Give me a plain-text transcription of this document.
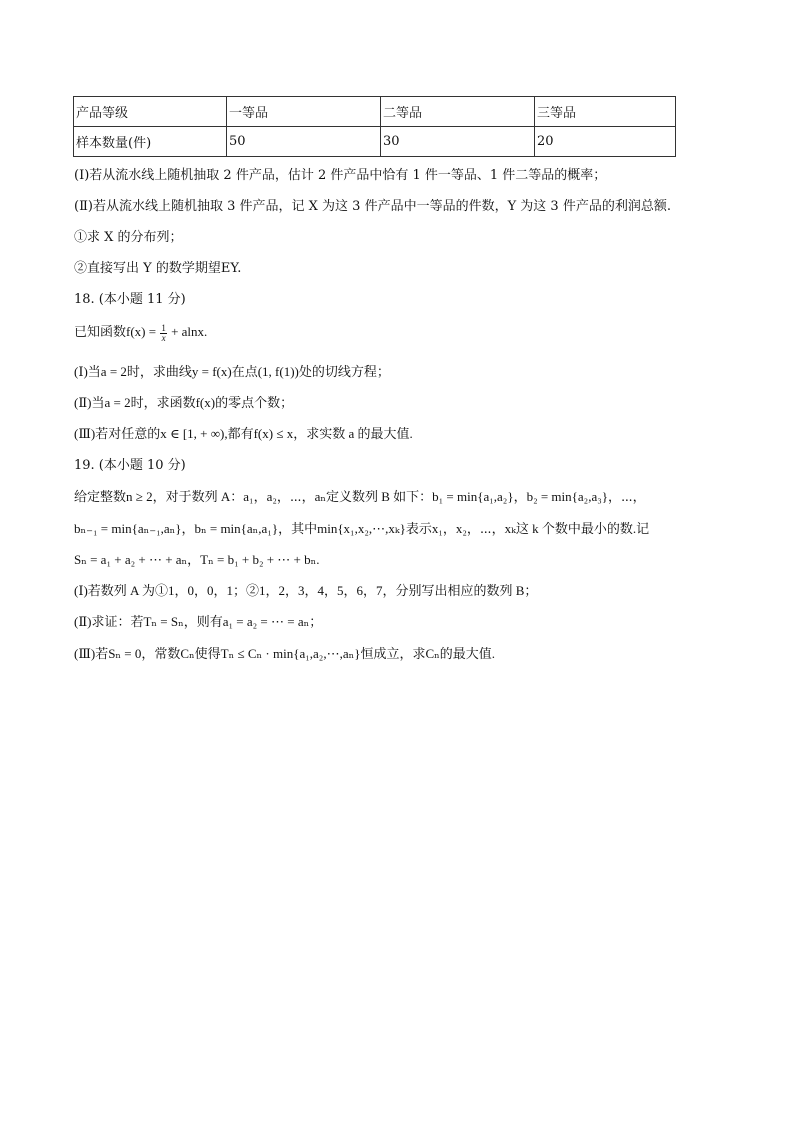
产品等级	一等品	二等品	三等品
样本数量(件)	50	30	20
(Ⅰ)若从流水线上随机抽取 2 件产品，估计 2 件产品中恰有 1 件一等品、1 件二等品的概率；
(Ⅱ)若从流水线上随机抽取 3 件产品，记 X 为这 3 件产品中一等品的件数，Y 为这 3 件产品的利润总额.
①求 X 的分布列；
②直接写出 Y 的数学期望EY.
18. (本小题 11 分)
已知函数$f(x) = \frac{1}{x} + alnx$.
(Ⅰ)当a = 2时，求曲线y = f(x)在点(1, f(1))处的切线方程；
(Ⅱ)当a = 2时，求函数f(x)的零点个数；
(Ⅲ)若对任意的x ∈ [1, + ∞),都有f(x) ≤ x，求实数 a 的最大值.
19. (本小题 10 分)
给定整数n ≥ 2，对于数列 A：a₁，a₂，⋯，aₙ定义数列 B 如下：b₁ = min{a₁,a₂}，b₂ = min{a₂,a₃}，⋯，
bₙ₋₁ = min{aₙ₋₁,aₙ}，bₙ = min{aₙ,a₁}，其中min{x₁,x₂,⋯,xₖ}表示x₁，x₂，⋯，xₖ这 k 个数中最小的数.记
Sₙ = a₁ + a₂ + ⋯ + aₙ，Tₙ = b₁ + b₂ + ⋯ + bₙ.
(Ⅰ)若数列 A 为①1，0，0，1；②1，2，3，4，5，6，7，分别写出相应的数列 B；
(Ⅱ)求证：若Tₙ = Sₙ，则有a₁ = a₂ = ⋯ = aₙ；
(Ⅲ)若Sₙ = 0，常数Cₙ使得Tₙ ≤ Cₙ · min{a₁,a₂,⋯,aₙ}恒成立，求Cₙ的最大值.
